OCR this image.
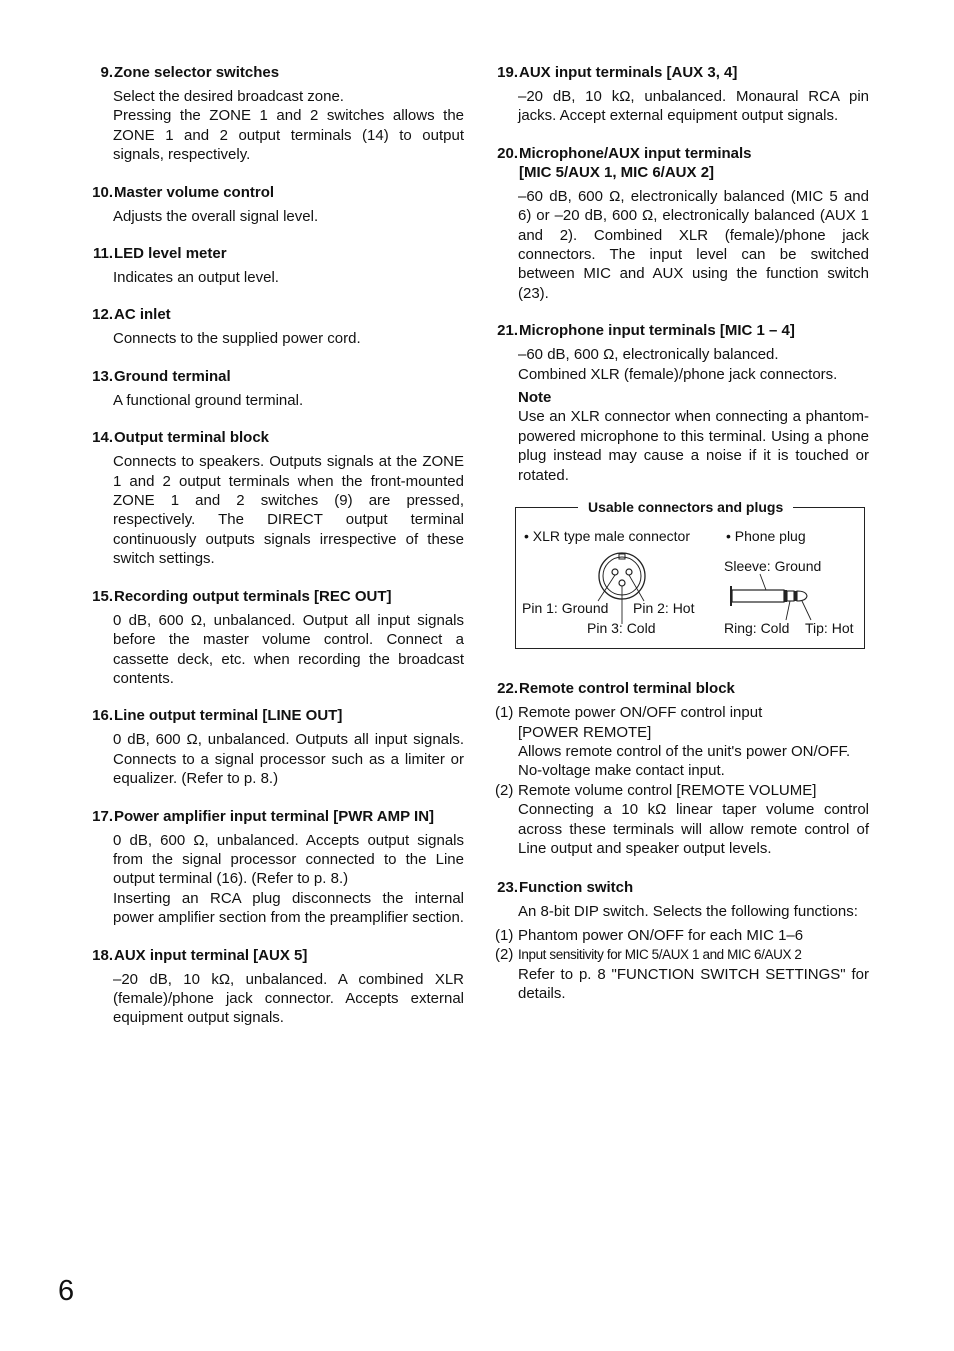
9. Zone selector switches

Select the desired broadcast zone.

Pressing the ZONE 1 and 2 switches allows the ZONE 1 and 2 output terminals (14) to output signals, respectively.

10. Master volume control

Adjusts the overall signal level.

11. LED level meter

Indicates an output level.

12. AC inlet

Connects to the supplied power cord.

13. Ground terminal

A functional ground terminal.

14. Output terminal block

Connects to speakers. Outputs signals at the ZONE 1 and 2 output terminals when the front-mounted ZONE 1 and 2 switches (9) are pressed, respectively. The DIRECT output terminal continuously outputs signals irrespective of these switch settings.

15. Recording output terminals [REC OUT]

0 dB, 600 Ω, unbalanced. Output all input signals before the master volume control. Connect a cassette deck, etc. when recording the broadcast contents.

16. Line output terminal [LINE OUT]

0 dB, 600 Ω, unbalanced. Outputs all input signals. Connects to a signal processor such as a limiter or equalizer. (Refer to p. 8.)

17. Power amplifier input terminal [PWR AMP IN]

0 dB, 600 Ω, unbalanced. Accepts output signals from the signal processor connected to the Line output terminal (16). (Refer to p. 8.)

Inserting an RCA plug disconnects the internal power amplifier section from the preamplifier section.

18. AUX input terminal [AUX 5]

–20 dB, 10 kΩ, unbalanced. A combined XLR (female)/phone jack connector. Accepts external equipment output signals.

19. AUX input terminals [AUX 3, 4]

–20 dB, 10 kΩ, unbalanced. Monaural RCA pin jacks. Accept external equipment output signals.

20. Microphone/AUX input terminals
[MIC 5/AUX 1, MIC 6/AUX 2]

–60 dB, 600 Ω, electronically balanced (MIC 5 and 6) or –20 dB, 600 Ω, electronically balanced (AUX 1 and 2). Combined XLR (female)/phone jack connectors. The input level can be switched between MIC and AUX using the function switch (23).

21. Microphone input terminals [MIC 1 – 4]

–60 dB, 600 Ω, electronically balanced.

Combined XLR (female)/phone jack connectors.

Note

Use an XLR connector when connecting a phantom-powered microphone to this terminal. Using a phone plug instead may cause a noise if it is touched or rotated.

Usable connectors and plugs
• XLR type male connector	• Phone plug
Pin 1: Ground Pin 2: Hot
Pin 3: Cold
Sleeve: Ground
Ring: Cold Tip: Hot
22. Remote control terminal block
(1) Remote power ON/OFF control input
[POWER REMOTE]
Allows remote control of the unit's power ON/OFF.
No-voltage make contact input.
(2) Remote volume control [REMOTE VOLUME]
Connecting a 10 kΩ linear taper volume control across these terminals will allow remote control of Line output and speaker output levels.
23. Function switch

An 8-bit DIP switch. Selects the following functions:

(1) Phantom power ON/OFF for each MIC 1–6
(2) Input sensitivity for MIC 5/AUX 1 and MIC 6/AUX 2
Refer to p. 8 "FUNCTION SWITCH SETTINGS" for details.
6
